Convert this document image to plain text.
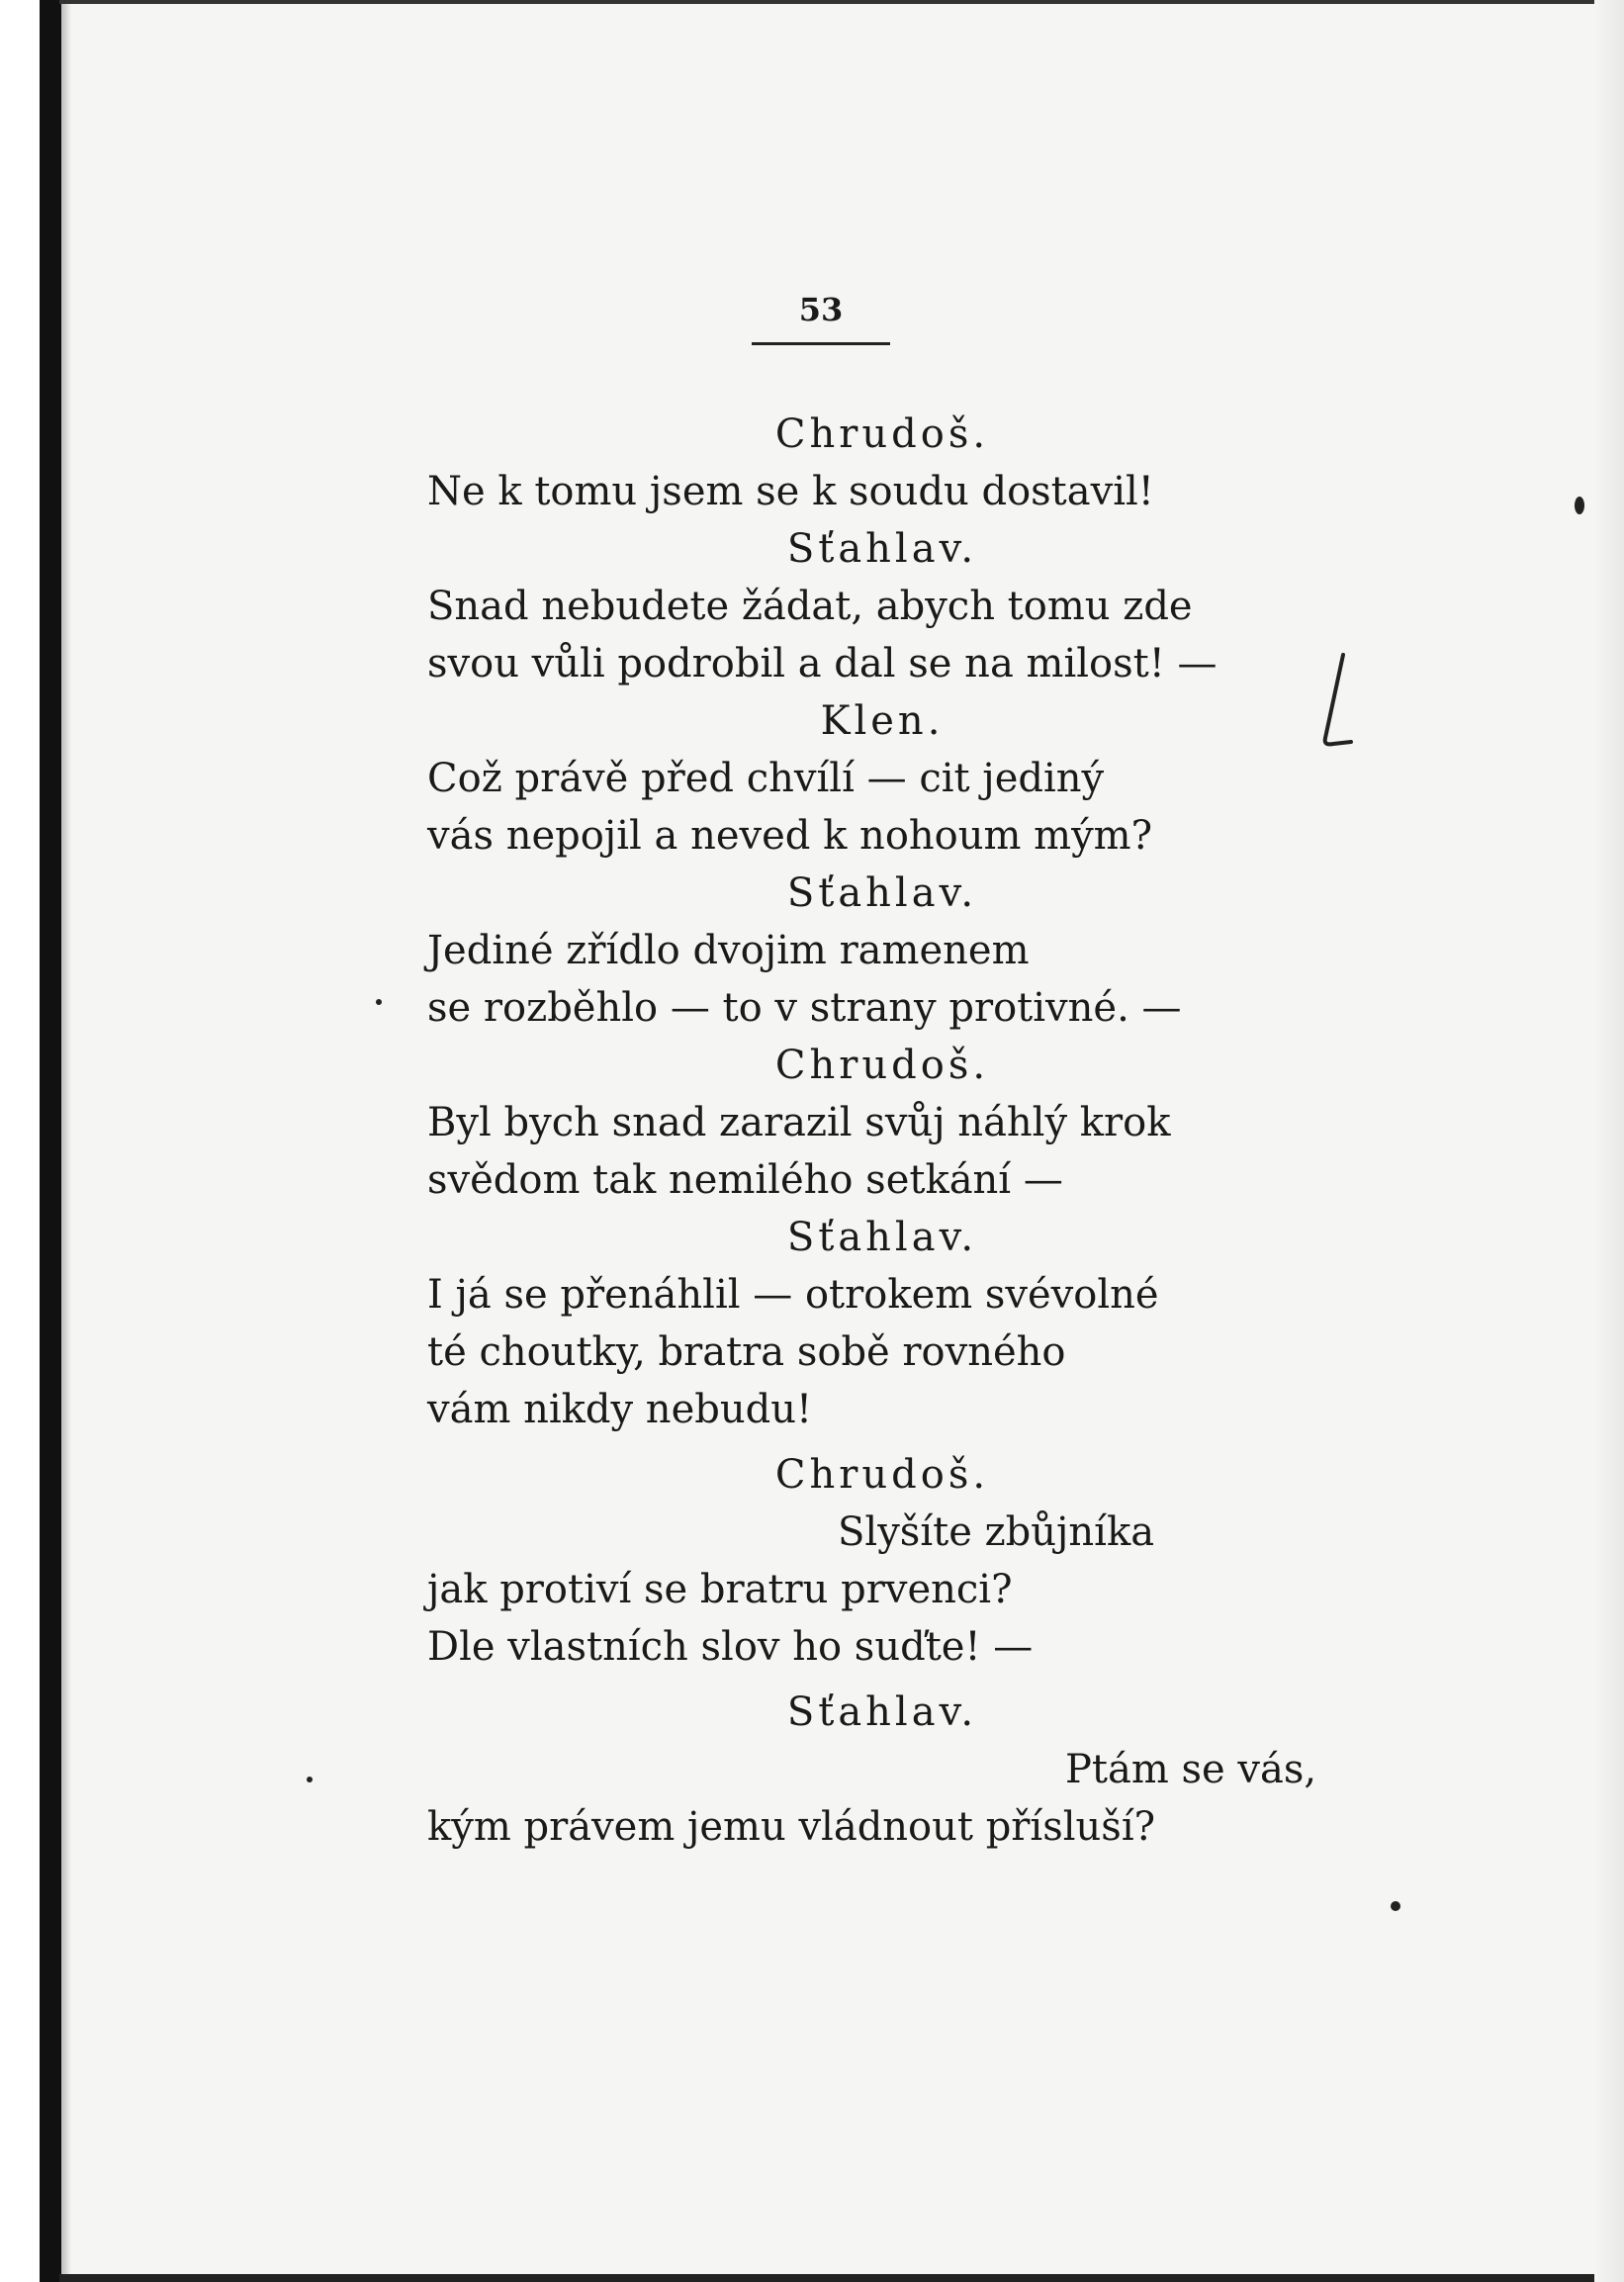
53
Chrudoš.
Ne k tomu jsem se k soudu dostavil!
Sťahlav.
Snad nebudete žádat, abych tomu zde
svou vůli podrobil a dal se na milost! —
Klen.
Což právě před chvílí — cit jediný
vás nepojil a neved k nohoum mým?
Sťahlav.
Jediné zřídlo dvojim ramenem
se rozběhlo — to v strany protivné. —
Chrudoš.
Byl bych snad zarazil svůj náhlý krok
svědom tak nemilého setkání —
Sťahlav.
I já se přenáhlil — otrokem svévolné
té choutky, bratra sobě rovného
vám nikdy nebudu!
Chrudoš.
Slyšíte zbůjníka
jak protiví se bratru prvenci?
Dle vlastních slov ho suďte! —
Sťahlav.
Ptám se vás,
kým právem jemu vládnout přísluší?
